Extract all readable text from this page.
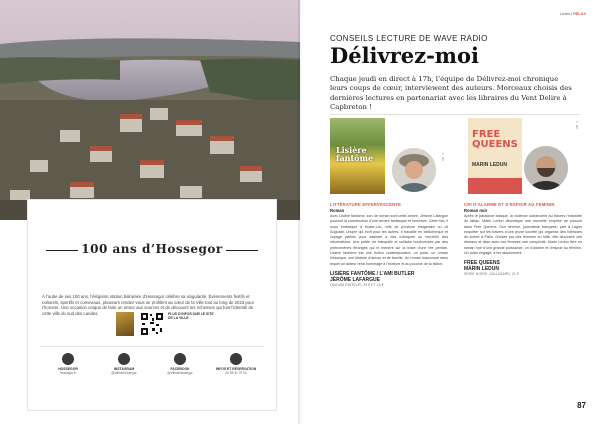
100 ans d’Hossegor
À l’aube de ses 100 ans, l’élégante station balnéaire d’Hossegor célèbre sa singularité. Événements festifs et culturels, sportifs et conviviaux, plusieurs rendez-vous se profilent au cœur de la Ville tout au long de 2023 pour l’honorer. Une occasion unique de faire un retour aux sources et de découvrir les richesses qui font l’identité de cette ville du sud des Landes.	PLUS D’INFOS SUR LE SITE DE LA VILLE
HOSSEGOR
hossegor.fr
INSTAGRAM
@villedehossegor
FACEBOOK
@villedehossegor
INFOS ET RÉSERVATION
05 58 41 79 00
Livres | RELAX
CONSEILS LECTURE DE WAVE RADIO
Délivrez-moi
Chaque jeudi en direct à 17h, l’équipe de Délivrez-moi chronique leurs coups de cœur, interviewent des auteurs. Morceaux choisis des dernières lectures en partenariat avec les libraires du Vent Delire à Capbreton !
Lisière fantôme	© DR
FREE QUEENS
MARIN LEDUN
© DR
LITTÉRATURE EFFERVESCENTE
Roman
Avec Lisière fantôme, son 4e roman sorti cette année, Jérôme Lafargue poursuit la construction d’une œuvre fantasque et inventive. Cette fois, il nous embarque à Hoste-Lac, ville de province imaginaire où vit Augustin Lespre qui écrit pour les autres. Il travaille en bibliothèque et voyage parfois pour assister à des colloques ou recueillir des informations. Une petite vie tranquille et solitaire bouleversée par des phénomènes étranges qui le mènent sur la trace d’une fée perdue. Lisière fantôme est une fiction contemporaine, un polar, un roman historique, une histoire d’amour et de famille. Un roman foisonnant dans lequel un auteur rend hommage à l’écriture et au pouvoir de la fiction.
LISIÈRE FANTÔME / L’AMI BUTLER
JÉRÔME LAFARGUE
QUIDAM ÉDITEUR, 20 € ET 18 €
CRI D’ALARME ET D’ESPOIR AU FÉMININ
Roman noir
Après le paradoxe basque, la violence outrancière au travers l’industrie du tabac, Marin Ledun décortique une nouvelle emprise de pouvoir dans Free Queens. Son héroïne, journaliste française, part à Lagos enquêter sur les travers d’une jeune société qui organise des hôtesses de soirée à Paris. Guidée par des femmes en lutte, elle découvre ces réseaux et tisse avec ces femmes une complicité. Marin Ledun livre un roman noir d’une grande puissance, cri d’alarme et d’espoir au féminin. Un polar engagé, à lire absolument.
FREE QUEENS
MARIN LEDUN
SÉRIE NOIRE, GALLIMARD, 21 €
87
